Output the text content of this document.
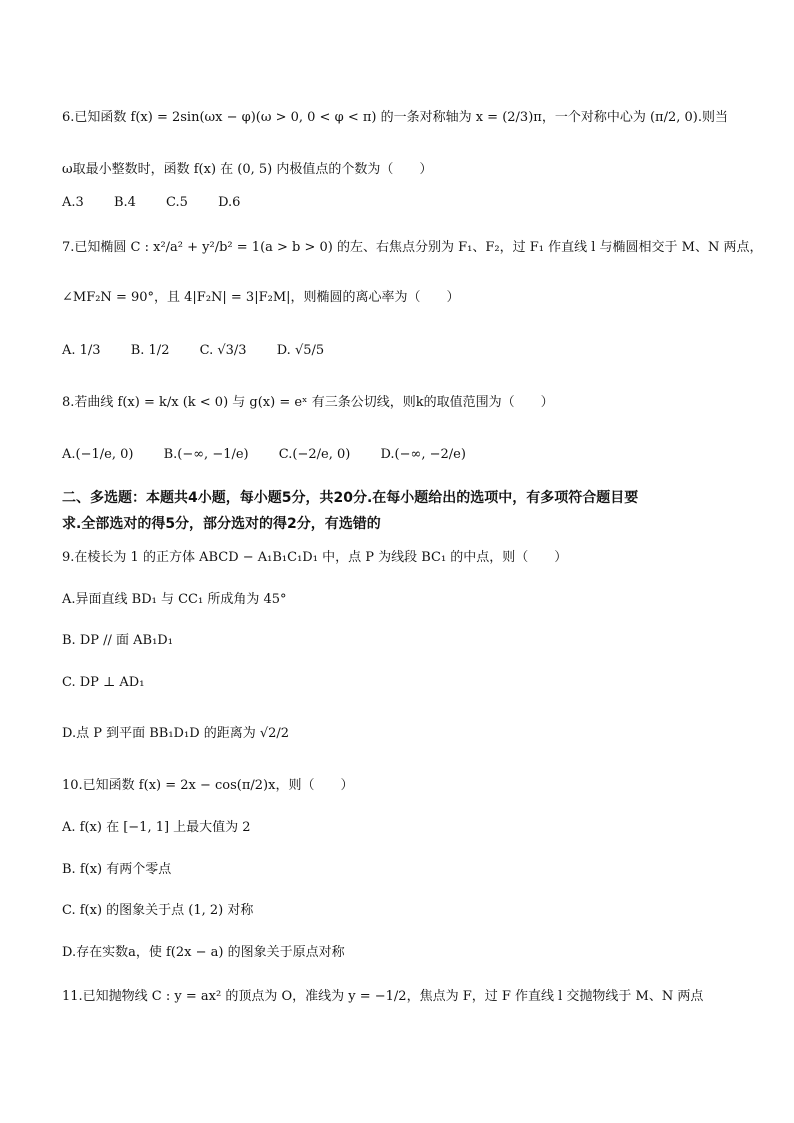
6.已知函数 f(x) = 2sin(ωx − φ)(ω > 0, 0 < φ < π) 的一条对称轴为 x = (2/3)π，一个对称中心为 (π/2, 0).则当
ω取最小整数时，函数 f(x) 在 (0, 5) 内极值点的个数为（　　）
A.3 B.4 C.5 D.6
7.已知椭圆 C : x²/a² + y²/b² = 1(a > b > 0) 的左、右焦点分别为 F₁、F₂，过 F₁ 作直线 l 与椭圆相交于 M、N 两点，
∠MF₂N = 90°，且 4|F₂N| = 3|F₂M|，则椭圆的离心率为（　　）
A. 1/3 B. 1/2 C. √3/3 D. √5/5
8.若曲线 f(x) = k/x (k < 0) 与 g(x) = eˣ 有三条公切线，则k的取值范围为（　　）
A.(−1/e, 0) B.(−∞, −1/e) C.(−2/e, 0) D.(−∞, −2/e)
二、多选题：本题共4小题，每小题5分，共20分.在每小题给出的选项中，有多项符合题目要
求.全部选对的得5分，部分选对的得2分，有选错的
9.在棱长为 1 的正方体 ABCD − A₁B₁C₁D₁ 中，点 P 为线段 BC₁ 的中点，则（　　）
A.异面直线 BD₁ 与 CC₁ 所成角为 45°
B. DP // 面 AB₁D₁
C. DP ⊥ AD₁
D.点 P 到平面 BB₁D₁D 的距离为 √2/2
10.已知函数 f(x) = 2x − cos(π/2)x，则（　　）
A. f(x) 在 [−1, 1] 上最大值为 2
B. f(x) 有两个零点
C. f(x) 的图象关于点 (1, 2) 对称
D.存在实数a，使 f(2x − a) 的图象关于原点对称
11.已知抛物线 C : y = ax² 的顶点为 O，准线为 y = −1/2，焦点为 F，过 F 作直线 l 交抛物线于 M、N 两点
